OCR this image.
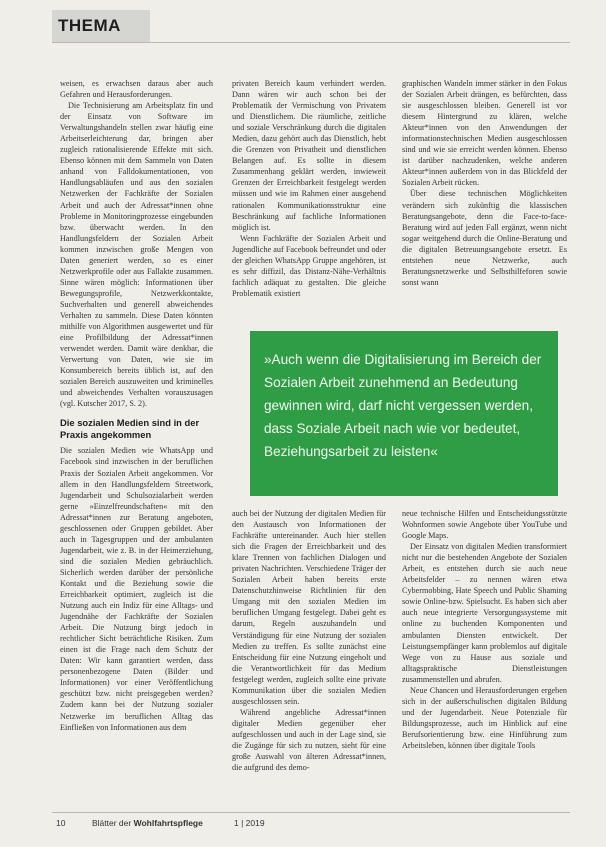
THEMA

weisen, es erwachsen daraus aber auch Gefahren und Herausforderungen.

Die Technisierung am Arbeitsplatz fin und der Einsatz von Software im Verwaltungshandeln stellen zwar häufig eine Arbeitserleichterung dar, bringen aber zugleich rationalisierende Effekte mit sich. Ebenso können mit dem Sammeln von Daten anhand von Falldokumentationen, von Handlungsabläufen und aus den sozialen Netzwerken der Fachkräfte der Sozialen Arbeit und auch der Adressat*innen ohne Probleme in Monitoringprozesse eingebunden bzw. überwacht werden. In den Handlungsfeldern der Sozialen Arbeit kommen inzwischen große Mengen von Daten generiert werden, so es einer Netzwerkprofile oder aus Fallakte zusammen. Sinne wären möglich: Informationen über Bewegungsprofile, Netzwerkkontakte, Suchverhalten und generell abweichendes Verhalten zu sammeln. Diese Daten könnten mithilfe von Algorithmen ausgewertet und für eine Profilbildung der Adressat*innen verwendet werden. Damit wäre denkbar, die Verwertung von Daten, wie sie im Konsumbereich bereits üblich ist, auf den sozialen Bereich auszuweiten und kriminelles und abweichendes Verhalten vorauszusagen (vgl. Kutscher 2017, S. 2).

Die sozialen Medien sind in der Praxis angekommen

Die sozialen Medien wie WhatsApp und Facebook sind inzwischen in der beruflichen Praxis der Sozialen Arbeit angekommen. Vor allem in den Handlungsfeldern Streetwork, Jugendarbeit und Schulsozialarbeit werden gerne »Einzelfreundschaften« mit den Adressat*innen zur Beratung angeboten, geschlossenen oder Gruppen gebildet. Aber auch in Tagesgruppen und der ambulanten Jugendarbeit, wie z. B. in der Heimerziehung, sind die sozialen Medien gebräuchlich. Sicherlich werden darüber der persönliche Kontakt und die Beziehung sowie die Erreichbarkeit optimiert, zugleich ist die Nutzung auch ein Indiz für eine Alltags- und Jugendnähe der Fachkräfte der Sozialen Arbeit. Die Nutzung birgt jedoch in rechtlicher Sicht beträchtliche Risiken. Zum einen ist die Frage nach dem Schutz der Daten: Wir kann garantiert werden, dass personenbezogene Daten (Bilder und Informationen) vor einer Veröffentlichung geschützt bzw. nicht preisgegeben werden? Zudem kann bei der Nutzung sozialer Netzwerke im beruflichen Alltag das Einfließen von Informationen aus dem

privaten Bereich kaum verhindert werden. Dann wären wir auch schon bei der Problematik der Vermischung von Privatem und Dienstlichem. Die räumliche, zeitliche und soziale Verschränkung durch die digitalen Medien, dazu gehört auch das Dienstlich, hebt die Grenzen von Privatheit und dienstlichen Belangen auf. Es sollte in diesem Zusammenhang geklärt werden, inwieweit Grenzen der Erreichbarkeit festgelegt werden müssen und wie im Rahmen einer ausgehend rationalen Kommunikationsstruktur eine Beschränkung auf fachliche Informationen möglich ist.

Wenn Fachkräfte der Sozialen Arbeit und Jugendliche auf Facebook befreundet und oder der gleichen WhatsApp Gruppe angehören, ist es sehr diffizil, das Distanz-Nähe-Verhältnis fachlich adäquat zu gestalten. Die gleiche Problematik existiert

graphischen Wandeln immer stärker in den Fokus der Sozialen Arbeit drängen, es befürchten, dass sie ausgeschlossen bleiben. Generell ist vor diesem Hintergrund zu klären, welche Akteur*innen von den Anwendungen der informationstechnischen Medien ausgeschlossen sind und wie sie erreicht werden können. Ebenso ist darüber nachzudenken, welche anderen Akteur*innen außerdem von in das Blickfeld der Sozialen Arbeit rücken.

Über diese technischen Möglichkeiten verändern sich zukünftig die klassischen Beratungsangebote, denn die Face-to-face-Beratung wird auf jeden Fall ergänzt, wenn nicht sogar weitgehend durch die Online-Beratung und die digitalen Betreuungsangebote ersetzt. Es entstehen neue Netzwerke, auch Beratungsnetzwerke und Selbsthilfeforen sowie sonst wann

»Auch wenn die Digitalisierung im Bereich der Sozialen Arbeit zunehmend an Bedeutung gewinnen wird, darf nicht vergessen werden, dass Soziale Arbeit nach wie vor bedeutet, Beziehungsarbeit zu leisten«

auch bei der Nutzung der digitalen Medien für den Austausch von Informationen der Fachkräfte untereinander. Auch hier stellen sich die Fragen der Erreichbarkeit und des klare Trennen von fachlichen Dialogen und privaten Nachrichten. Verschiedene Träger der Sozialen Arbeit haben bereits erste Datenschutzhinweise Richtlinien für den Umgang mit den sozialen Medien im beruflichen Umgang festgelegt. Dabei geht es darum, Regeln auszuhandeln und Verständigung für eine Nutzung der sozialen Medien zu treffen. Es sollte zunächst eine Entscheidung für eine Nutzung eingeholt und die Verantwortlichkeit für das Medium festgelegt werden, zugleich sollte eine private Kommunikation über die sozialen Medien ausgeschlossen sein.

Während angebliche Adressat*innen digitaler Medien gegenüber eher aufgeschlossen und auch in der Lage sind, sie die Zugänge für sich zu nutzen, sieht für eine große Auswahl von älteren Adressat*innen, die aufgrund des demo-

neue technische Hilfen und Entscheidungsstützte Wohnformen sowie Angebote über YouTube und Google Maps.

Der Einsatz von digitalen Medien transformiert nicht nur die bestehenden Angebote der Sozialen Arbeit, es entstehen durch sie auch neue Arbeitsfelder – zu nennen wären etwa Cybermobbing, Hate Speech und Public Shaming sowie Online-bzw. Spielsucht. Es haben sich aber auch neue integrierte Versorgungssysteme mit online zu buchenden Komponenten und ambulanten Diensten entwickelt. Der Leistungsempfänger kann problemlos auf digitale Wege von zu Hause aus soziale und alltagspraktische Dienstleistungen zusammenstellen und abrufen.

Neue Chancen und Herausforderungen ergeben sich in der außerschulischen digitalen Bildung und der Jugendarbeit. Neue Potenziale für Bildungsprozesse, auch im Hinblick auf eine Berufsorientierung bzw. eine Hinführung zum Arbeitsleben, können über digitale Tools

10	Blätter der Wohlfahrtspflege	1 | 2019
